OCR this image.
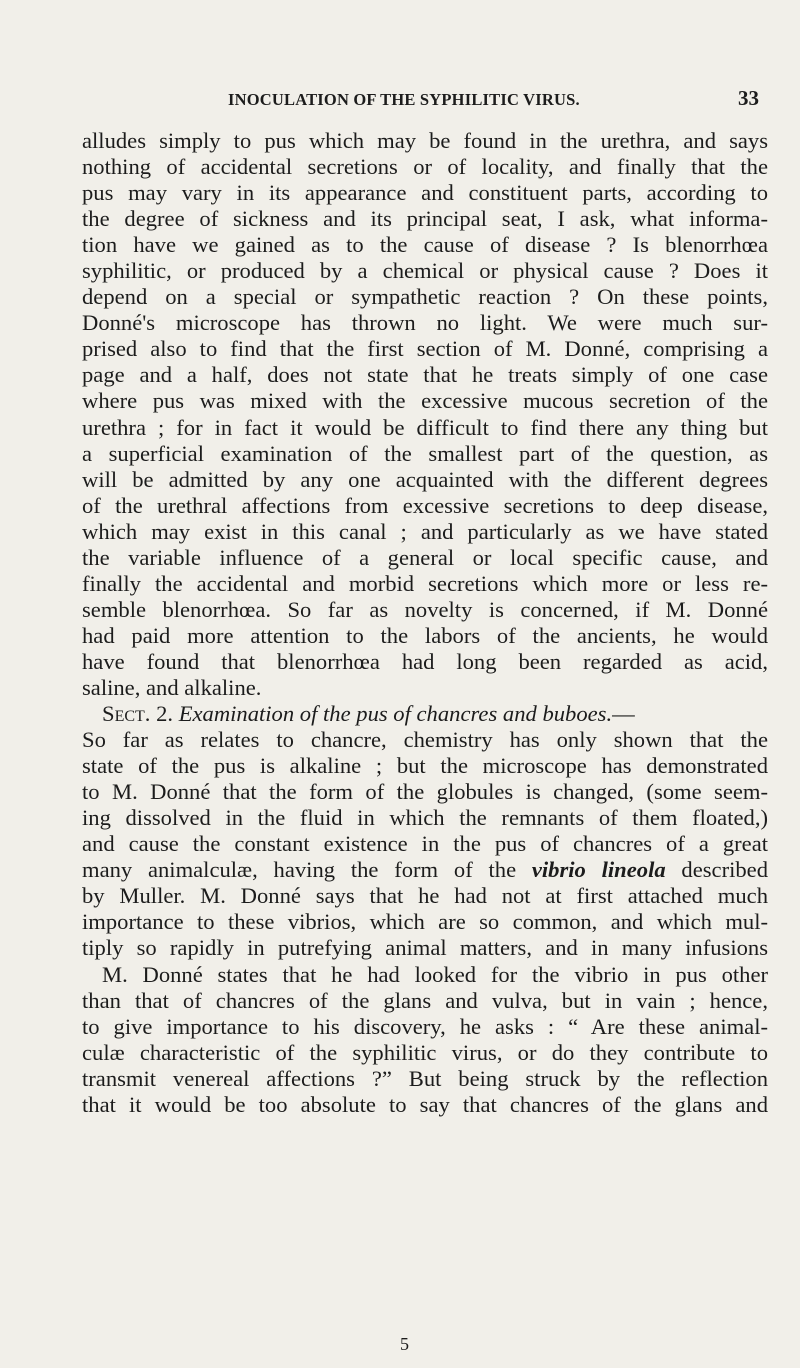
INOCULATION OF THE SYPHILITIC VIRUS.	33
alludes simply to pus which may be found in the urethra, and says
nothing of accidental secretions or of locality, and finally that the
pus may vary in its appearance and constituent parts, according to
the degree of sickness and its principal seat, I ask, what informa-
tion have we gained as to the cause of disease ? Is blenorrhœa
syphilitic, or produced by a chemical or physical cause ? Does it
depend on a special or sympathetic reaction ? On these points,
Donné's microscope has thrown no light. We were much sur-
prised also to find that the first section of M. Donné, comprising a
page and a half, does not state that he treats simply of one case
where pus was mixed with the excessive mucous secretion of the
urethra ; for in fact it would be difficult to find there any thing but
a superficial examination of the smallest part of the question, as
will be admitted by any one acquainted with the different degrees
of the urethral affections from excessive secretions to deep disease,
which may exist in this canal ; and particularly as we have stated
the variable influence of a general or local specific cause, and
finally the accidental and morbid secretions which more or less re-
semble blenorrhœa. So far as novelty is concerned, if M. Donné
had paid more attention to the labors of the ancients, he would
have found that blenorrhœa had long been regarded as acid,
saline, and alkaline.
Sect. 2. Examination of the pus of chancres and buboes.—
So far as relates to chancre, chemistry has only shown that the
state of the pus is alkaline ; but the microscope has demonstrated
to M. Donné that the form of the globules is changed, (some seem-
ing dissolved in the fluid in which the remnants of them floated,)
and cause the constant existence in the pus of chancres of a great
many animalculæ, having the form of the vibrio lineola described
by Muller. M. Donné says that he had not at first attached much
importance to these vibrios, which are so common, and which mul-
tiply so rapidly in putrefying animal matters, and in many infusions
M. Donné states that he had looked for the vibrio in pus other
than that of chancres of the glans and vulva, but in vain ; hence,
to give importance to his discovery, he asks : “ Are these animal-
culæ characteristic of the syphilitic virus, or do they contribute to
transmit venereal affections ?” But being struck by the reflection
that it would be too absolute to say that chancres of the glans and
5
